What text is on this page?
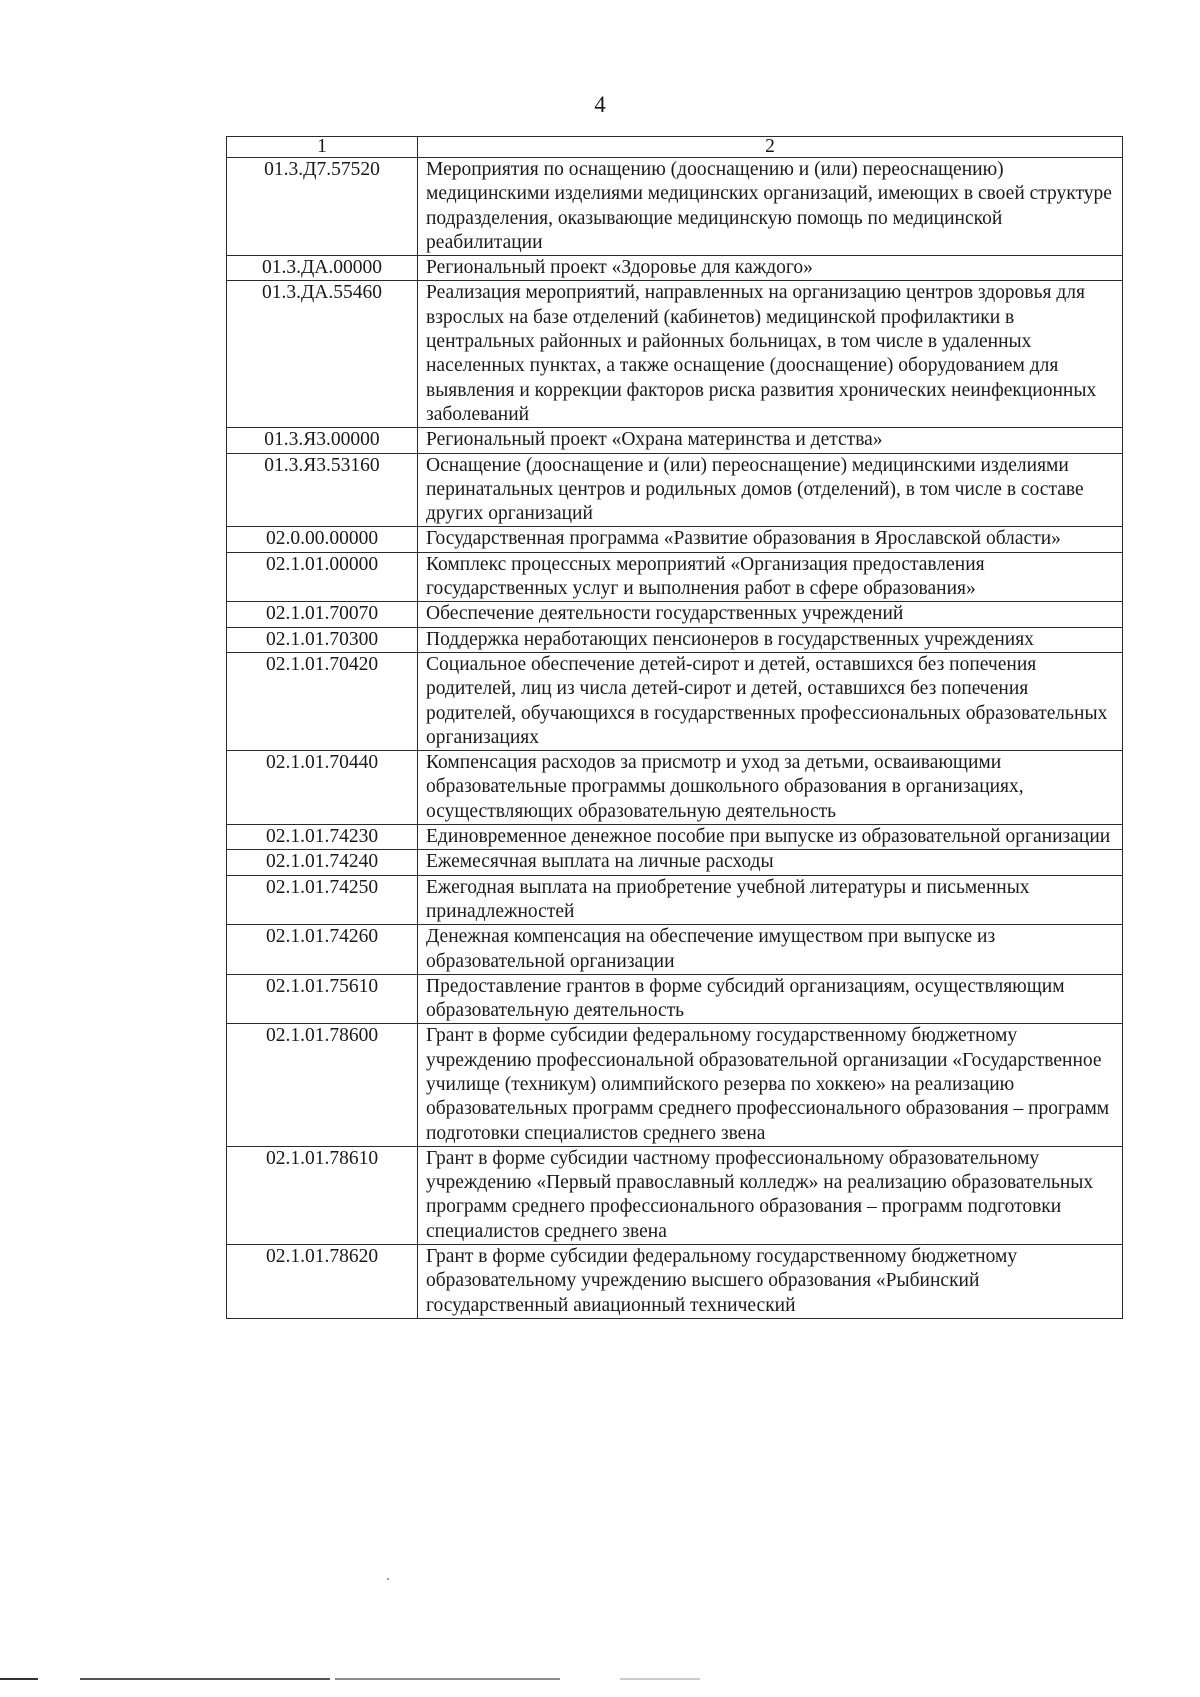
4
1	2
01.3.Д7.57520	Мероприятия по оснащению (дооснащению и (или) переоснащению) медицинскими изделиями медицинских организаций, имеющих в своей структуре подразделения, оказывающие медицинскую помощь по медицинской реабилитации
01.3.ДА.00000	Региональный проект «Здоровье для каждого»
01.3.ДА.55460	Реализация мероприятий, направленных на организацию центров здоровья для взрослых на базе отделений (кабинетов) медицинской профилактики в центральных районных и районных больницах, в том числе в удаленных населенных пунктах, а также оснащение (дооснащение) оборудованием для выявления и коррекции факторов риска развития хронических неинфекционных заболеваний
01.3.Я3.00000	Региональный проект «Охрана материнства и детства»
01.3.Я3.53160	Оснащение (дооснащение и (или) переоснащение) медицинскими изделиями перинатальных центров и родильных домов (отделений), в том числе в составе других организаций
02.0.00.00000	Государственная программа «Развитие образования в Ярославской области»
02.1.01.00000	Комплекс процессных мероприятий «Организация предоставления государственных услуг и выполнения работ в сфере образования»
02.1.01.70070	Обеспечение деятельности государственных учреждений
02.1.01.70300	Поддержка неработающих пенсионеров в государственных учреждениях
02.1.01.70420	Социальное обеспечение детей-сирот и детей, оставшихся без попечения родителей, лиц из числа детей-сирот и детей, оставшихся без попечения родителей, обучающихся в государственных профессиональных образовательных организациях
02.1.01.70440	Компенсация расходов за присмотр и уход за детьми, осваивающими образовательные программы дошкольного образования в организациях, осуществляющих образовательную деятельность
02.1.01.74230	Единовременное денежное пособие при выпуске из образовательной организации
02.1.01.74240	Ежемесячная выплата на личные расходы
02.1.01.74250	Ежегодная выплата на приобретение учебной литературы и письменных принадлежностей
02.1.01.74260	Денежная компенсация на обеспечение имуществом при выпуске из образовательной организации
02.1.01.75610	Предоставление грантов в форме субсидий организациям, осуществляющим образовательную деятельность
02.1.01.78600	Грант в форме субсидии федеральному государственному бюджетному учреждению профессиональной образовательной организации «Государственное училище (техникум) олимпийского резерва по хоккею» на реализацию образовательных программ среднего профессионального образования – программ подготовки специалистов среднего звена
02.1.01.78610	Грант в форме субсидии частному профессиональному образовательному учреждению «Первый православный колледж» на реализацию образовательных программ среднего профессионального образования – программ подготовки специалистов среднего звена
02.1.01.78620	Грант в форме субсидии федеральному государственному бюджетному образовательному учреждению высшего образования «Рыбинский государственный авиационный технический
